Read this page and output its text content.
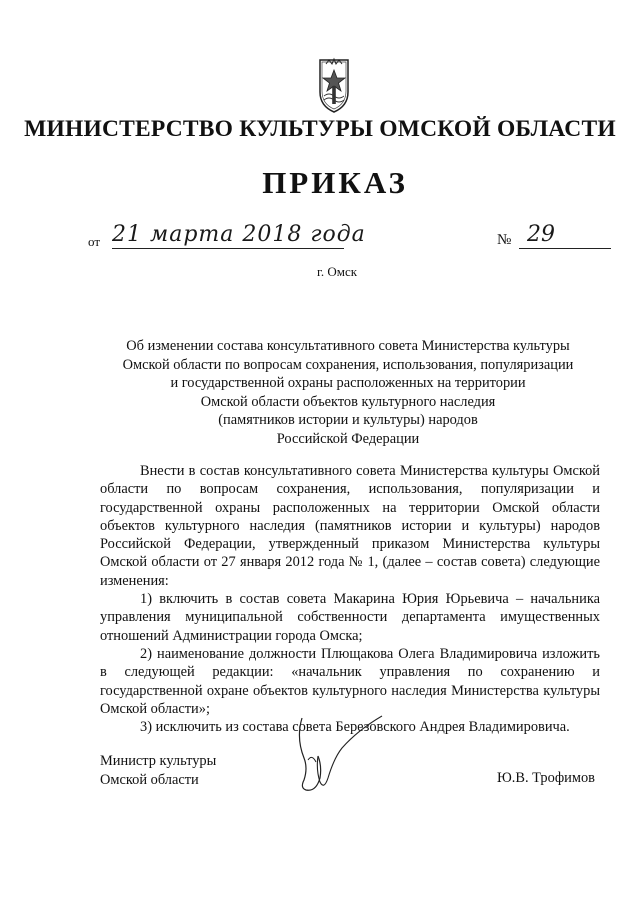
МИНИСТЕРСТВО КУЛЬТУРЫ ОМСКОЙ ОБЛАСТИ
ПРИКАЗ
от 21 марта 2018 года	№ 29
г. Омск
Об изменении состава консультативного совета Министерства культуры
Омской области по вопросам сохранения, использования, популяризации
и государственной охраны расположенных на территории
Омской области объектов культурного наследия
(памятников истории и культуры) народов
Российской Федерации

Внести в состав консультативного совета Министерства культуры Омской области по вопросам сохранения, использования, популяризации и государственной охраны расположенных на территории Омской области объектов культурного наследия (памятников истории и культуры) народов Российской Федерации, утвержденный приказом Министерства культуры Омской области от 27 января 2012 года № 1, (далее – состав совета) следующие изменения:

1) включить в состав совета Макарина Юрия Юрьевича – начальника управления муниципальной собственности департамента имущественных отношений Администрации города Омска;

2) наименование должности Плющакова Олега Владимировича изложить в следующей редакции: «начальник управления по сохранению и государственной охране объектов культурного наследия Министерства культуры Омской области»;

3) исключить из состава совета Березовского Андрея Владимировича.

Министр культуры
Омской области	Ю.В. Трофимов
